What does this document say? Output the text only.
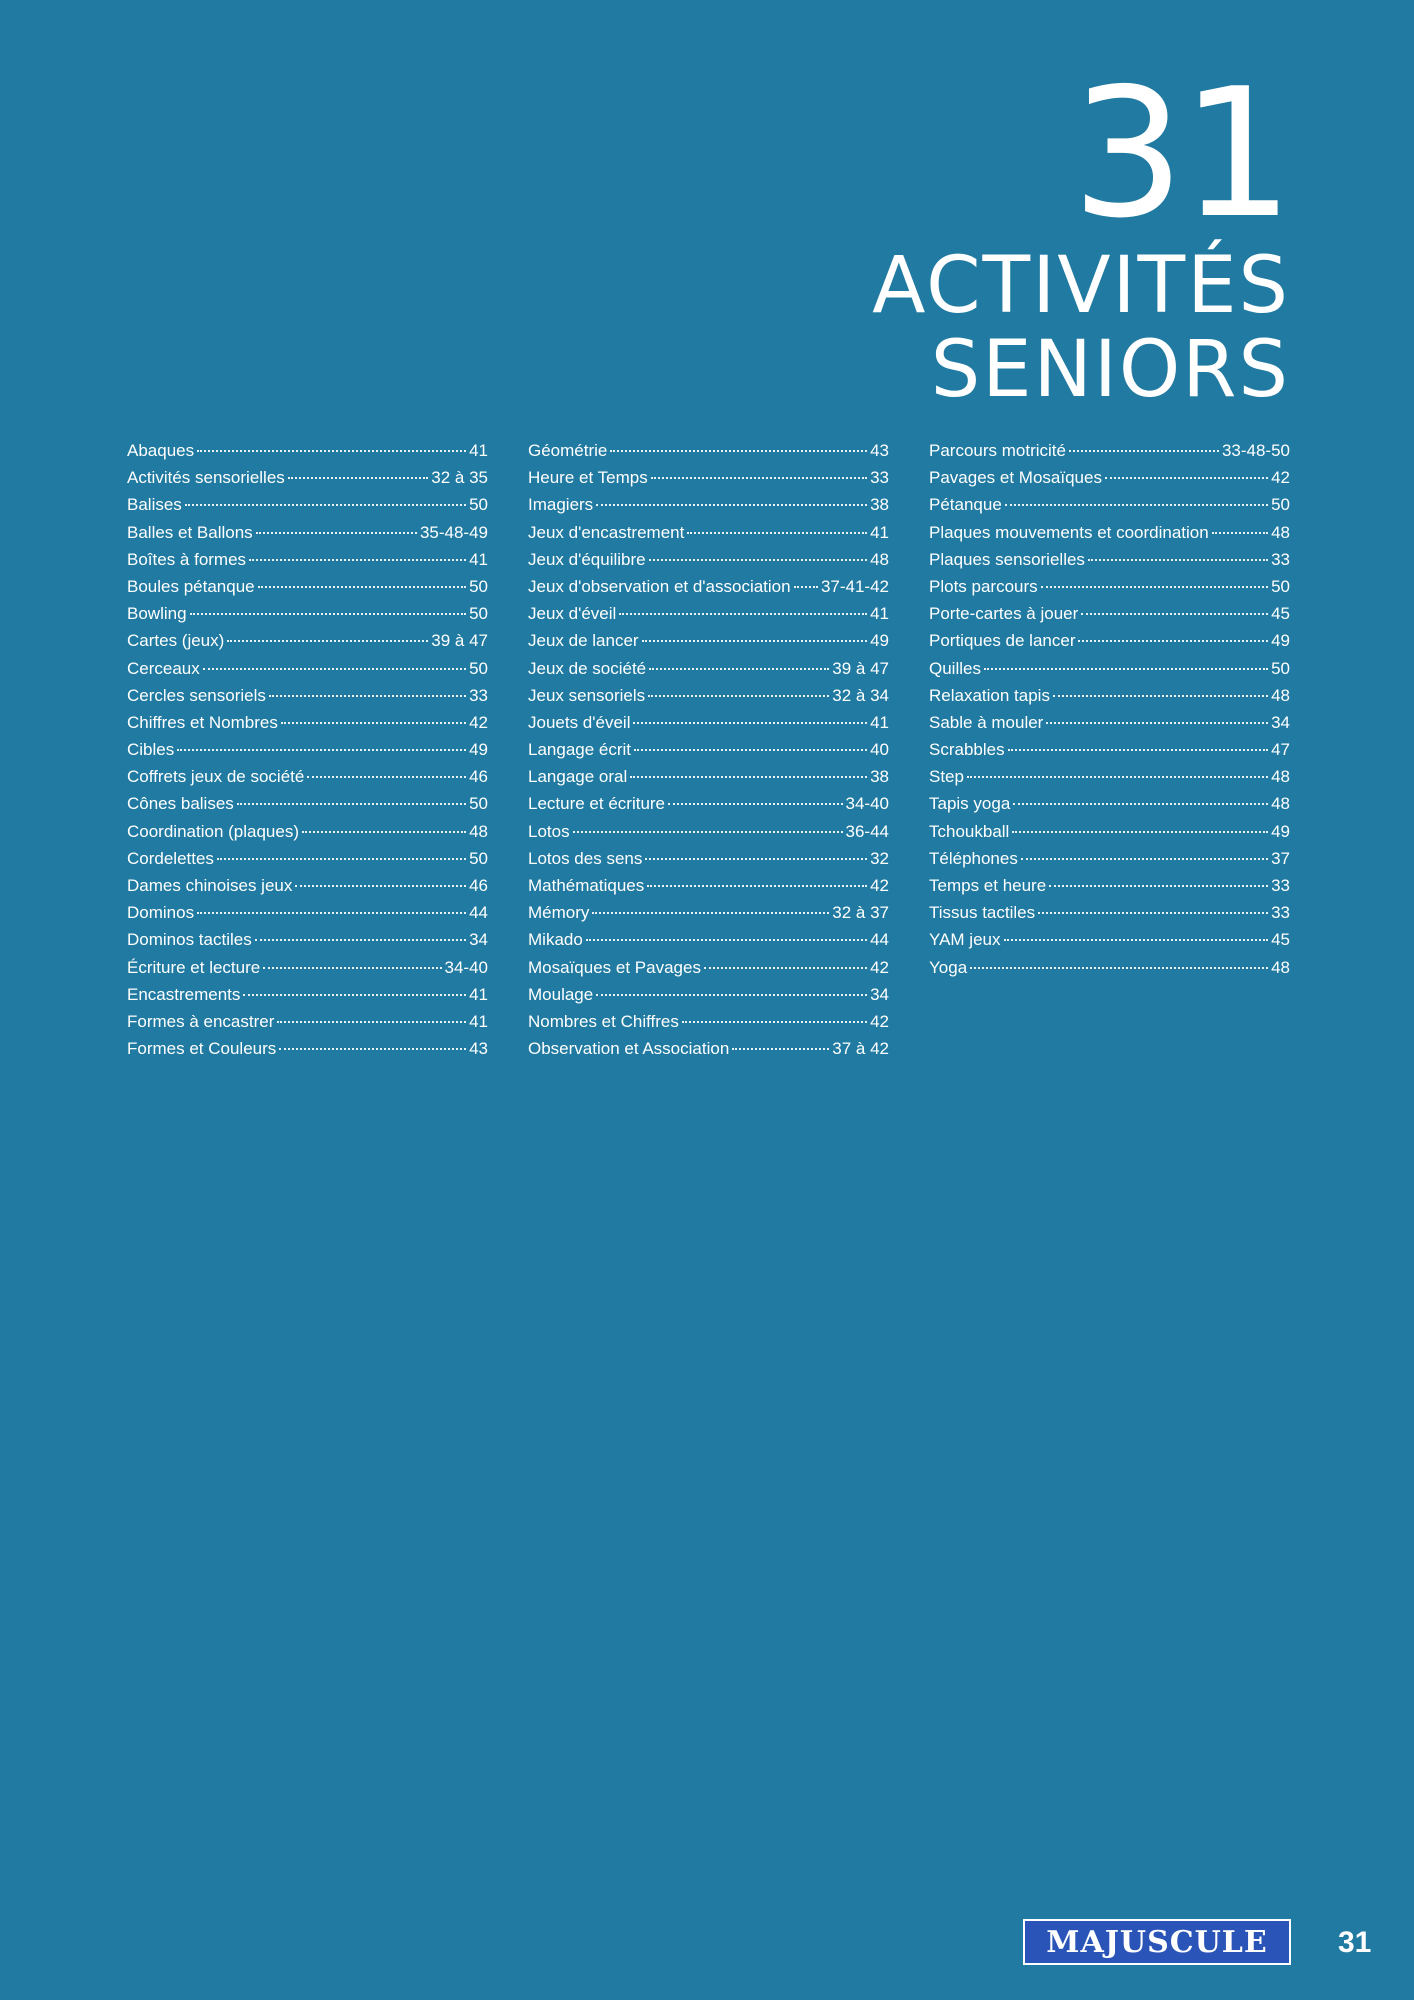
31
ACTIVITÉS
SENIORS
Abaques	41
Activités sensorielles	32 à 35
Balises	50
Balles et Ballons	35-48-49
Boîtes à formes	41
Boules pétanque	50
Bowling	50
Cartes (jeux)	39 à 47
Cerceaux	50
Cercles sensoriels	33
Chiffres et Nombres	42
Cibles	49
Coffrets jeux de société	46
Cônes balises	50
Coordination (plaques)	48
Cordelettes	50
Dames chinoises jeux	46
Dominos	44
Dominos tactiles	34
Écriture et lecture	34-40
Encastrements	41
Formes à encastrer	41
Formes et Couleurs	43
Géométrie	43
Heure et Temps	33
Imagiers	38
Jeux d'encastrement	41
Jeux d'équilibre	48
Jeux d'observation et d'association 37-41-42
Jeux d'éveil	41
Jeux de lancer	49
Jeux de société	39 à 47
Jeux sensoriels	32 à 34
Jouets d'éveil	41
Langage écrit	40
Langage oral	38
Lecture et écriture	34-40
Lotos	36-44
Lotos des sens	32
Mathématiques	42
Mémory	32 à 37
Mikado	44
Mosaïques et Pavages	42
Moulage	34
Nombres et Chiffres	42
Observation et Association	37 à 42
Parcours motricité	33-48-50
Pavages et Mosaïques	42
Pétanque	50
Plaques mouvements et coordination	48
Plaques sensorielles	33
Plots parcours	50
Porte-cartes à jouer	45
Portiques de lancer	49
Quilles	50
Relaxation tapis	48
Sable à mouler	34
Scrabbles	47
Step	48
Tapis yoga	48
Tchoukball	49
Téléphones	37
Temps et heure	33
Tissus tactiles	33
YAM jeux	45
Yoga	48
MAJUSCULE 31
